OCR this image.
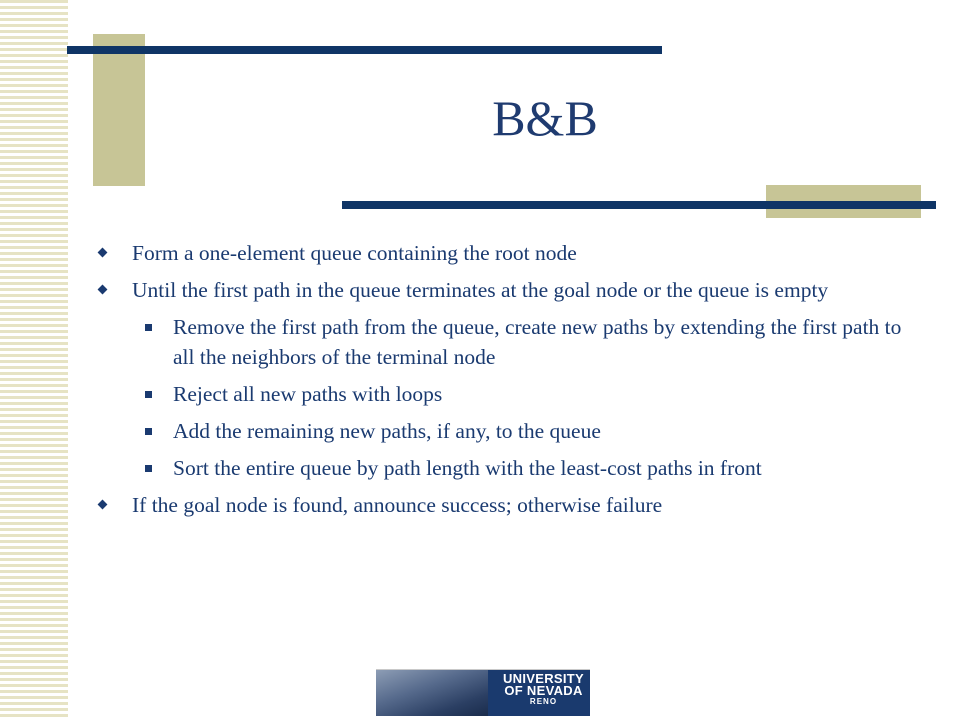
B&B
Form a one-element queue containing the root node
Until the first path in the queue terminates at the goal node or the queue is empty
Remove the first path from the queue, create new paths by extending the first path to all the neighbors of the terminal node
Reject all new paths with loops
Add the remaining new paths, if any, to the queue
Sort the entire queue by path length with the least-cost paths in front
If the goal node is found, announce success; otherwise failure
UNIVERSITY
OF NEVADA
RENO
